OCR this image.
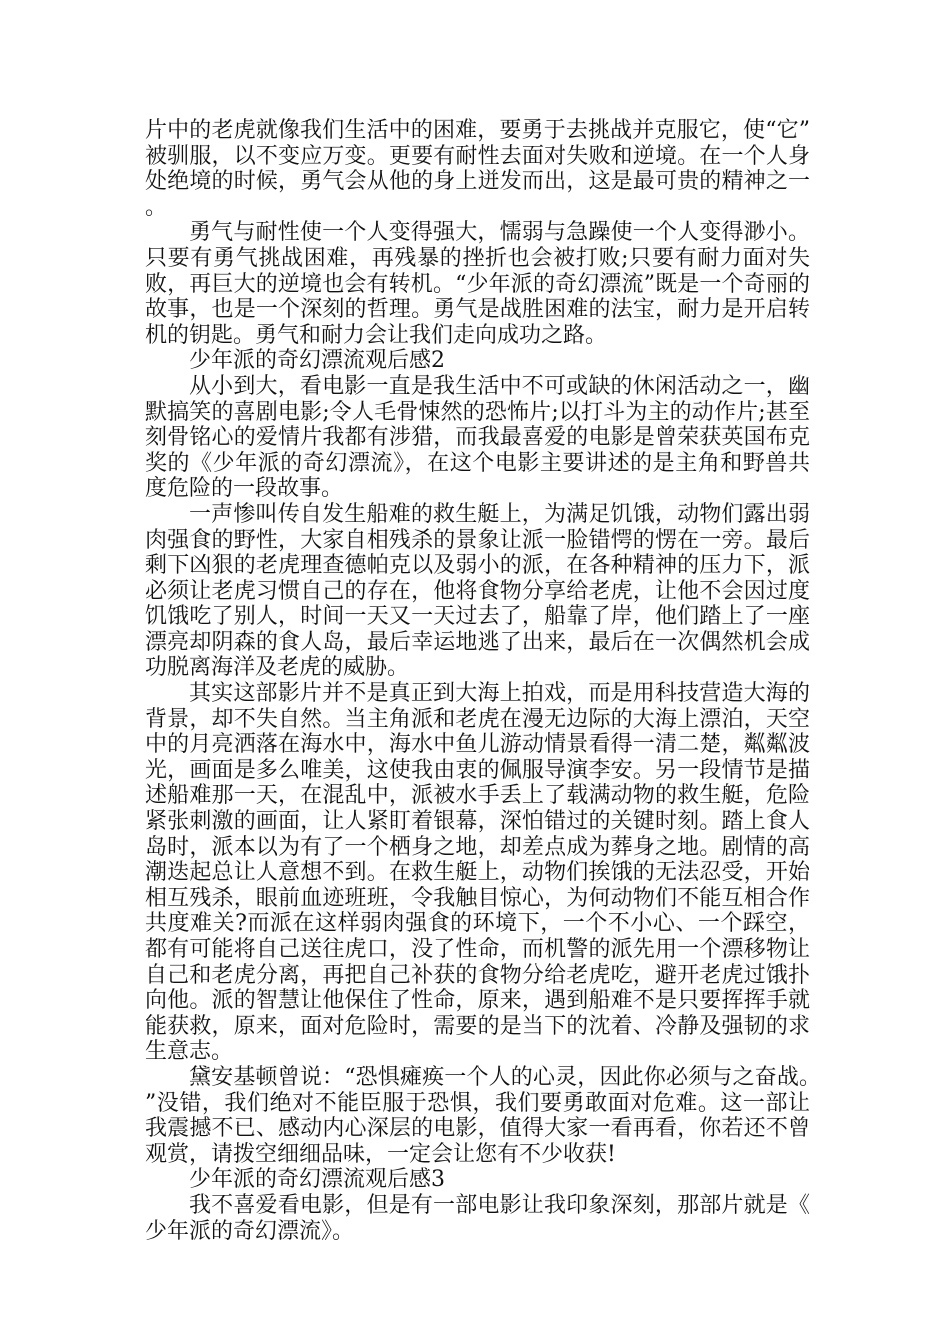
片中的老虎就像我们生活中的困难，要勇于去挑战并克服它，使“它”被驯服，以不变应万变。更要有耐性去面对失败和逆境。在一个人身处绝境的时候，勇气会从他的身上迸发而出，这是最可贵的精神之一。

勇气与耐性使一个人变得强大，懦弱与急躁使一个人变得渺小。只要有勇气挑战困难，再残暴的挫折也会被打败;只要有耐力面对失败，再巨大的逆境也会有转机。“少年派的奇幻漂流”既是一个奇丽的故事，也是一个深刻的哲理。勇气是战胜困难的法宝，耐力是开启转机的钥匙。勇气和耐力会让我们走向成功之路。

少年派的奇幻漂流观后感2

从小到大，看电影一直是我生活中不可或缺的休闲活动之一，幽默搞笑的喜剧电影;令人毛骨悚然的恐怖片;以打斗为主的动作片;甚至刻骨铭心的爱情片我都有涉猎，而我最喜爱的电影是曾荣获英国布克奖的《少年派的奇幻漂流》，在这个电影主要讲述的是主角和野兽共度危险的一段故事。

一声惨叫传自发生船难的救生艇上，为满足饥饿，动物们露出弱肉强食的野性，大家自相残杀的景象让派一脸错愕的愣在一旁。最后剩下凶狠的老虎理查德帕克以及弱小的派，在各种精神的压力下，派必须让老虎习惯自己的存在，他将食物分享给老虎，让他不会因过度饥饿吃了别人，时间一天又一天过去了，船靠了岸，他们踏上了一座漂亮却阴森的食人岛，最后幸运地逃了出来，最后在一次偶然机会成功脱离海洋及老虎的威胁。

其实这部影片并不是真正到大海上拍戏，而是用科技营造大海的背景，却不失自然。当主角派和老虎在漫无边际的大海上漂泊，天空中的月亮洒落在海水中，海水中鱼儿游动情景看得一清二楚，粼粼波光，画面是多么唯美，这使我由衷的佩服导演李安。另一段情节是描述船难那一天，在混乱中，派被水手丢上了载满动物的救生艇，危险紧张刺激的画面，让人紧盯着银幕，深怕错过的关键时刻。踏上食人岛时，派本以为有了一个栖身之地，却差点成为葬身之地。剧情的高潮迭起总让人意想不到。在救生艇上，动物们挨饿的无法忍受，开始相互残杀，眼前血迹班班，令我触目惊心，为何动物们不能互相合作共度难关?而派在这样弱肉强食的环境下，一个不小心、一个踩空，都有可能将自己送往虎口，没了性命，而机警的派先用一个漂移物让自己和老虎分离，再把自己补获的食物分给老虎吃，避开老虎过饿扑向他。派的智慧让他保住了性命，原来，遇到船难不是只要挥挥手就能获救，原来，面对危险时，需要的是当下的沈着、冷静及强韧的求生意志。

黛安基顿曾说：“恐惧瘫痪一个人的心灵，因此你必须与之奋战。”没错，我们绝对不能臣服于恐惧，我们要勇敢面对危难。这一部让我震撼不已、感动内心深层的电影，值得大家一看再看，你若还不曾观赏，请拨空细细品味，一定会让您有不少收获!

少年派的奇幻漂流观后感3

我不喜爱看电影，但是有一部电影让我印象深刻，那部片就是《少年派的奇幻漂流》。
